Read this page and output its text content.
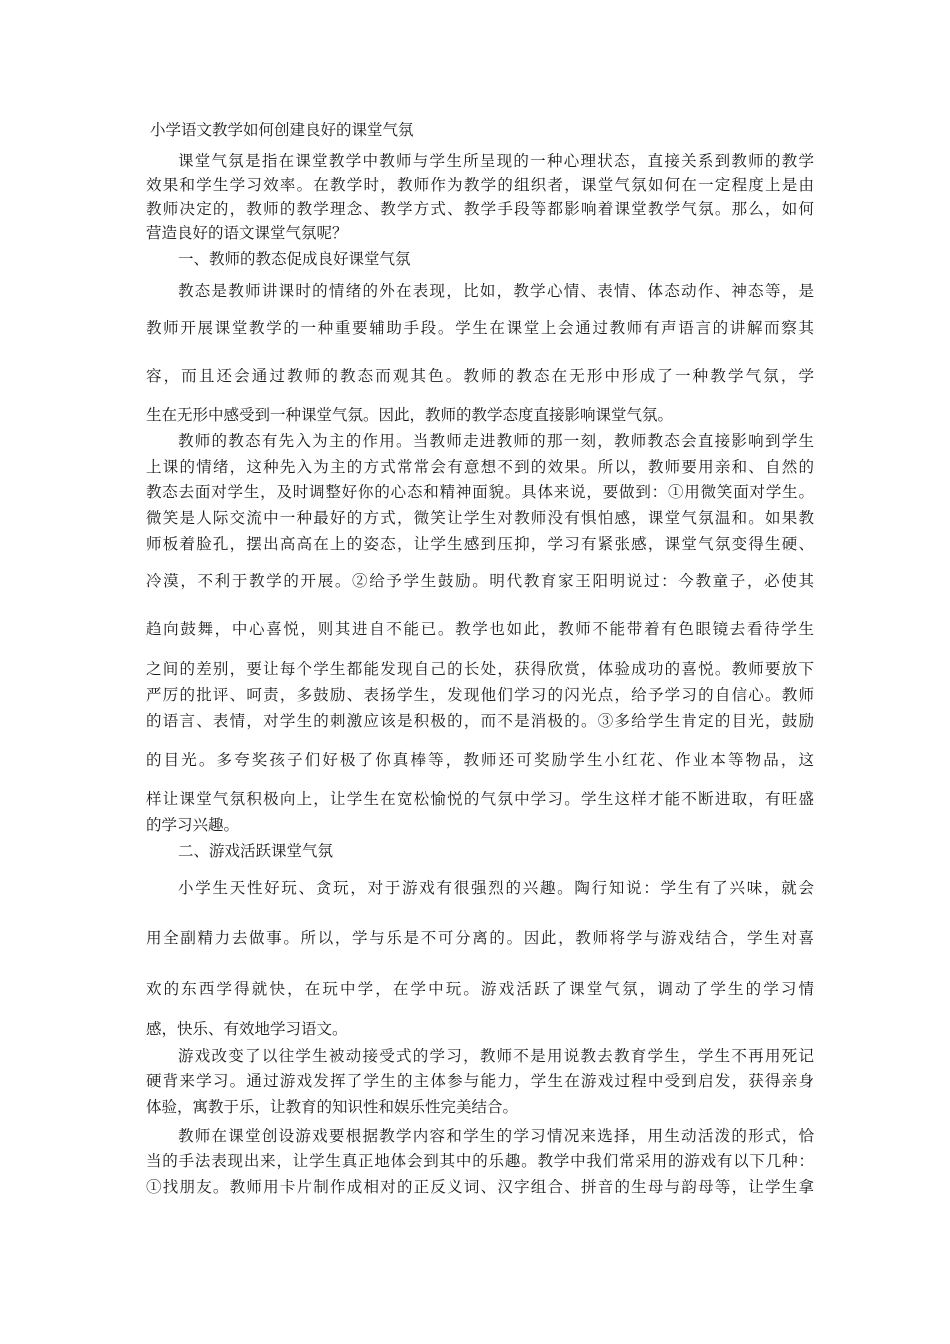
小学语文教学如何创建良好的课堂气氛
课堂气氛是指在课堂教学中教师与学生所呈现的一种心理状态，直接关系到教师的教学
效果和学生学习效率。在教学时，教师作为教学的组织者，课堂气氛如何在一定程度上是由
教师决定的，教师的教学理念、教学方式、教学手段等都影响着课堂教学气氛。那么，如何
营造良好的语文课堂气氛呢？
一、教师的教态促成良好课堂气氛
教态是教师讲课时的情绪的外在表现，比如，教学心情、表情、体态动作、神态等，是
教师开展课堂教学的一种重要辅助手段。学生在课堂上会通过教师有声语言的讲解而察其
容，而且还会通过教师的教态而观其色。教师的教态在无形中形成了一种教学气氛，学
生在无形中感受到一种课堂气氛。因此，教师的教学态度直接影响课堂气氛。
教师的教态有先入为主的作用。当教师走进教师的那一刻，教师教态会直接影响到学生
上课的情绪，这种先入为主的方式常常会有意想不到的效果。所以，教师要用亲和、自然的
教态去面对学生，及时调整好你的心态和精神面貌。具体来说，要做到：①用微笑面对学生。
微笑是人际交流中一种最好的方式，微笑让学生对教师没有惧怕感，课堂气氛温和。如果教
师板着脸孔，摆出高高在上的姿态，让学生感到压抑，学习有紧张感，课堂气氛变得生硬、
冷漠，不利于教学的开展。②给予学生鼓励。明代教育家王阳明说过：今教童子，必使其
趋向鼓舞，中心喜悦，则其进自不能已。教学也如此，教师不能带着有色眼镜去看待学生
之间的差别，要让每个学生都能发现自己的长处，获得欣赏，体验成功的喜悦。教师要放下
严厉的批评、呵责，多鼓励、表扬学生，发现他们学习的闪光点，给予学习的自信心。教师
的语言、表情，对学生的刺激应该是积极的，而不是消极的。③多给学生肯定的目光，鼓励
的目光。多夸奖孩子们好极了你真棒等，教师还可奖励学生小红花、作业本等物品，这
样让课堂气氛积极向上，让学生在宽松愉悦的气氛中学习。学生这样才能不断进取，有旺盛
的学习兴趣。
二、游戏活跃课堂气氛
小学生天性好玩、贪玩，对于游戏有很强烈的兴趣。陶行知说：学生有了兴味，就会
用全副精力去做事。所以，学与乐是不可分离的。因此，教师将学与游戏结合，学生对喜
欢的东西学得就快，在玩中学，在学中玩。游戏活跃了课堂气氛，调动了学生的学习情
感，快乐、有效地学习语文。
游戏改变了以往学生被动接受式的学习，教师不是用说教去教育学生，学生不再用死记
硬背来学习。通过游戏发挥了学生的主体参与能力，学生在游戏过程中受到启发，获得亲身
体验，寓教于乐，让教育的知识性和娱乐性完美结合。
教师在课堂创设游戏要根据教学内容和学生的学习情况来选择，用生动活泼的形式，恰
当的手法表现出来，让学生真正地体会到其中的乐趣。教学中我们常采用的游戏有以下几种：
①找朋友。教师用卡片制作成相对的正反义词、汉字组合、拼音的生母与韵母等，让学生拿
